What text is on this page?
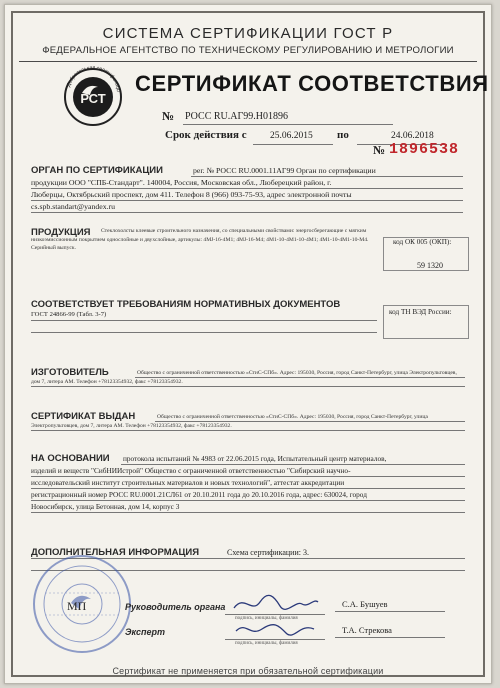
СИСТЕМА СЕРТИФИКАЦИИ ГОСТ Р
ФЕДЕРАЛЬНОЕ АГЕНТСТВО ПО ТЕХНИЧЕСКОМУ РЕГУЛИРОВАНИЮ И МЕТРОЛОГИИ
РСТ
Добровольная сертификаци СЕРТИФИКАТ СООТВЕТСТВИЯ
№ РОСС RU.АГ99.Н01896
Срок действия с 25.06.2015 по	24.06.2018
№ 1896538
ОРГАН ПО СЕРТИФИКАЦИИ	рег. № РОСС RU.0001.11АГ99 Орган по сертификации
продукции ООО "СПБ-Стандарт". 140004, Россия, Московская обл., Люберецкий район, г.
Люберцы, Октябрьский проспект, дом 411. Телефон 8 (966) 093-75-93, адрес электронной почты
cs.spb.standart@yandex.ru
ПРОДУКЦИЯ	Стеклохолсты клеевые строительного назначения, со специальными свойствами: энергосберегающие с мягким низкоэмиссионным покрытием однослойные и двухслойные, артикулы: 4МJ-16-4М1; 4МJ-16-М4; 4М1-10-4М1-10-4М1; 4М1-10-4М1-10-М4. Серийный выпуск.
код ОК 005 (ОКП):
59 1320
СООТВЕТСТВУЕТ ТРЕБОВАНИЯМ НОРМАТИВНЫХ ДОКУМЕНТОВ
ГОСТ 24866-99 (Табл. 3-7)	код ТН ВЭД России:
ИЗГОТОВИТЕЛЬ	Общество с ограниченной ответственностью «СтиС-СПб». Адрес: 195030, Россия, город Санкт-Петербург, улица Электропультовцев, дом 7, литера АМ. Телефон +78123354932, факс +78123354932.
СЕРТИФИКАТ ВЫДАН	Общество с ограниченной ответственностью «СтиС-СПб». Адрес: 195030, Россия, город Санкт-Петербург, улица Электропультовцев, дом 7, литера АМ. Телефон +78123354932, факс +78123354932.
НА ОСНОВАНИИ протокола испытаний № 4983 от 22.06.2015 года, Испытательный центр материалов,
изделий и веществ "СибНИИстрой" Общество с ограниченной ответственностью "Сибирский научно-
исследовательский институт строительных материалов и новых технологий", аттестат аккредитации
регистрационный номер РОСС RU.0001.21СЛ61 от 20.10.2011 года до 20.10.2016 года, адрес: 630024, город
Новосибирск, улица Бетонная, дом 14, корпус 3
ДОПОЛНИТЕЛЬНАЯ ИНФОРМАЦИЯ	Схема сертификации: 3.
МП	Руководитель органа
подпись, инициалы, фамилия
С.А. Бушуев
Эксперт
подпись, инициалы, фамилия
Т.А. Стрекова
Сертификат не применяется при обязательной сертификации
